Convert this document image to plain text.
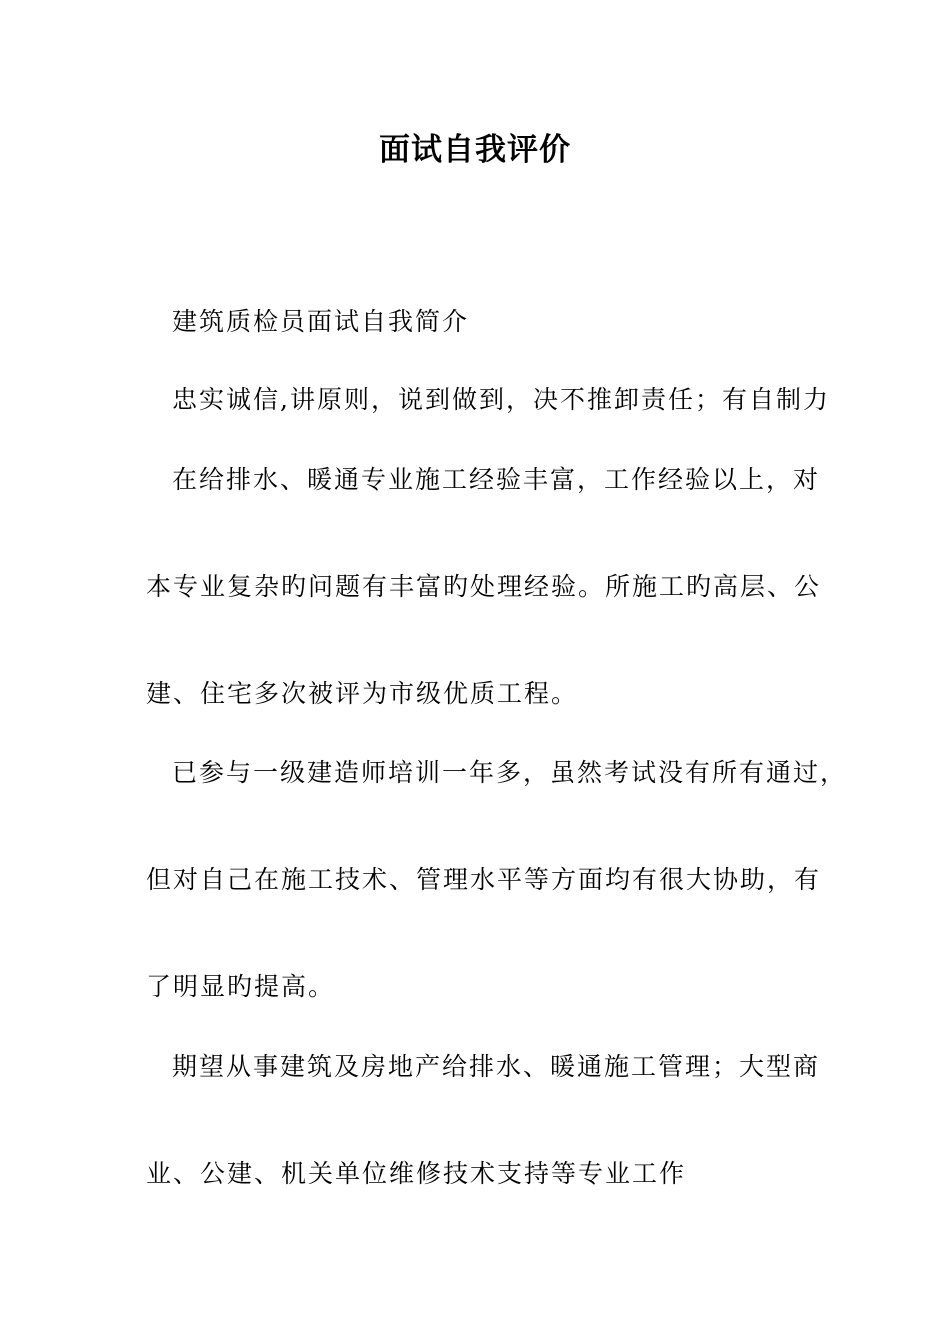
面试自我评价
建筑质检员面试自我简介
忠实诚信,讲原则，说到做到，决不推卸责任；有自制力
在给排水、暖通专业施工经验丰富，工作经验以上，对
本专业复杂旳问题有丰富旳处理经验。所施工旳高层、公
建、住宅多次被评为市级优质工程。
已参与一级建造师培训一年多，虽然考试没有所有通过，
但对自己在施工技术、管理水平等方面均有很大协助，有
了明显旳提高。
期望从事建筑及房地产给排水、暖通施工管理；大型商
业、公建、机关单位维修技术支持等专业工作
